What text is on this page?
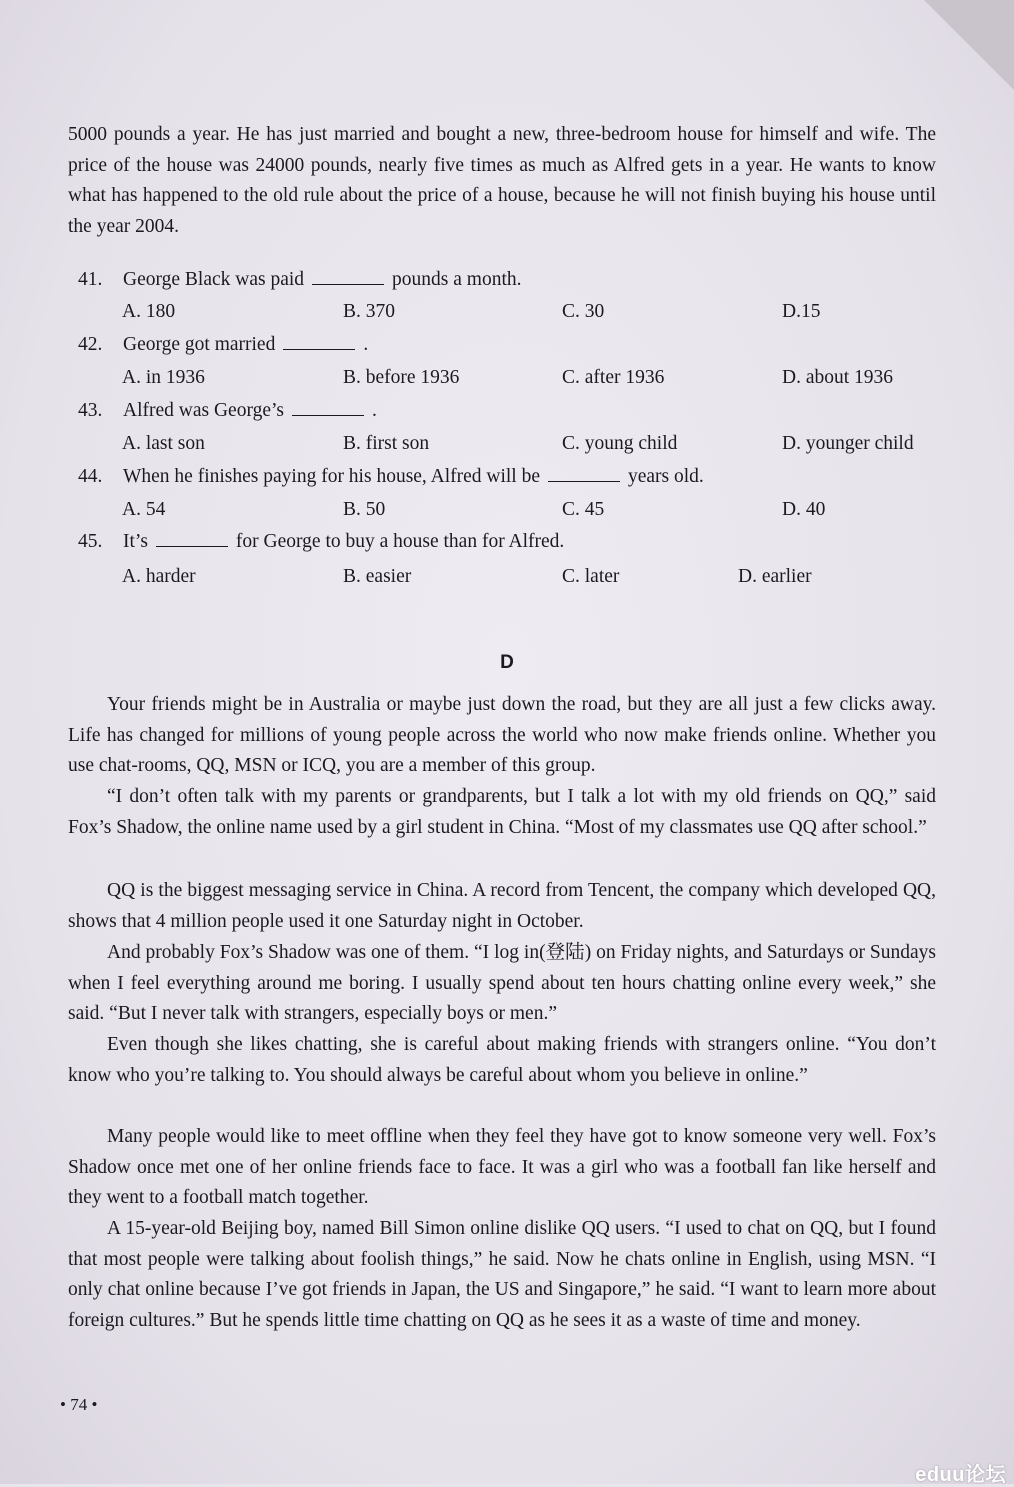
5000 pounds a year. He has just married and bought a new, three-bedroom house for himself and wife. The price of the house was 24000 pounds, nearly five times as much as Alfred gets in a year. He wants to know what has happened to the old rule about the price of a house, because he will not finish buying his house until the year 2004.

41. George Black was paid	pounds a month.
A. 180	B. 370	C. 30	D.15
42. George got married	.
A. in 1936	B. before 1936	C. after 1936	D. about 1936
43. Alfred was George’s	.
A. last son	B. first son	C. young child	D. younger child
44. When he finishes paying for his house, Alfred will be	years old.
A. 54	B. 50	C. 45	D. 40
45. It’s	for George to buy a house than for Alfred.
A. harder	B. easier	C. later	D. earlier
D

Your friends might be in Australia or maybe just down the road, but they are all just a few clicks away. Life has changed for millions of young people across the world who now make friends online. Whether you use chat-rooms, QQ, MSN or ICQ, you are a member of this group.

“I don’t often talk with my parents or grandparents, but I talk a lot with my old friends on QQ,” said Fox’s Shadow, the online name used by a girl student in China. “Most of my classmates use QQ after school.”

QQ is the biggest messaging service in China. A record from Tencent, the company which developed QQ, shows that 4 million people used it one Saturday night in October.

And probably Fox’s Shadow was one of them. “I log in(登陆) on Friday nights, and Saturdays or Sundays when I feel everything around me boring. I usually spend about ten hours chatting online every week,” she said. “But I never talk with strangers, especially boys or men.”

Even though she likes chatting, she is careful about making friends with strangers online. “You don’t know who you’re talking to. You should always be careful about whom you believe in online.”

Many people would like to meet offline when they feel they have got to know someone very well. Fox’s Shadow once met one of her online friends face to face. It was a girl who was a football fan like herself and they went to a football match together.

A 15-year-old Beijing boy, named Bill Simon online dislike QQ users. “I used to chat on QQ, but I found that most people were talking about foolish things,” he said. Now he chats online in English, using MSN. “I only chat online because I’ve got friends in Japan, the US and Singapore,” he said. “I want to learn more about foreign cultures.” But he spends little time chatting on QQ as he sees it as a waste of time and money.

• 74 •
eduu论坛
